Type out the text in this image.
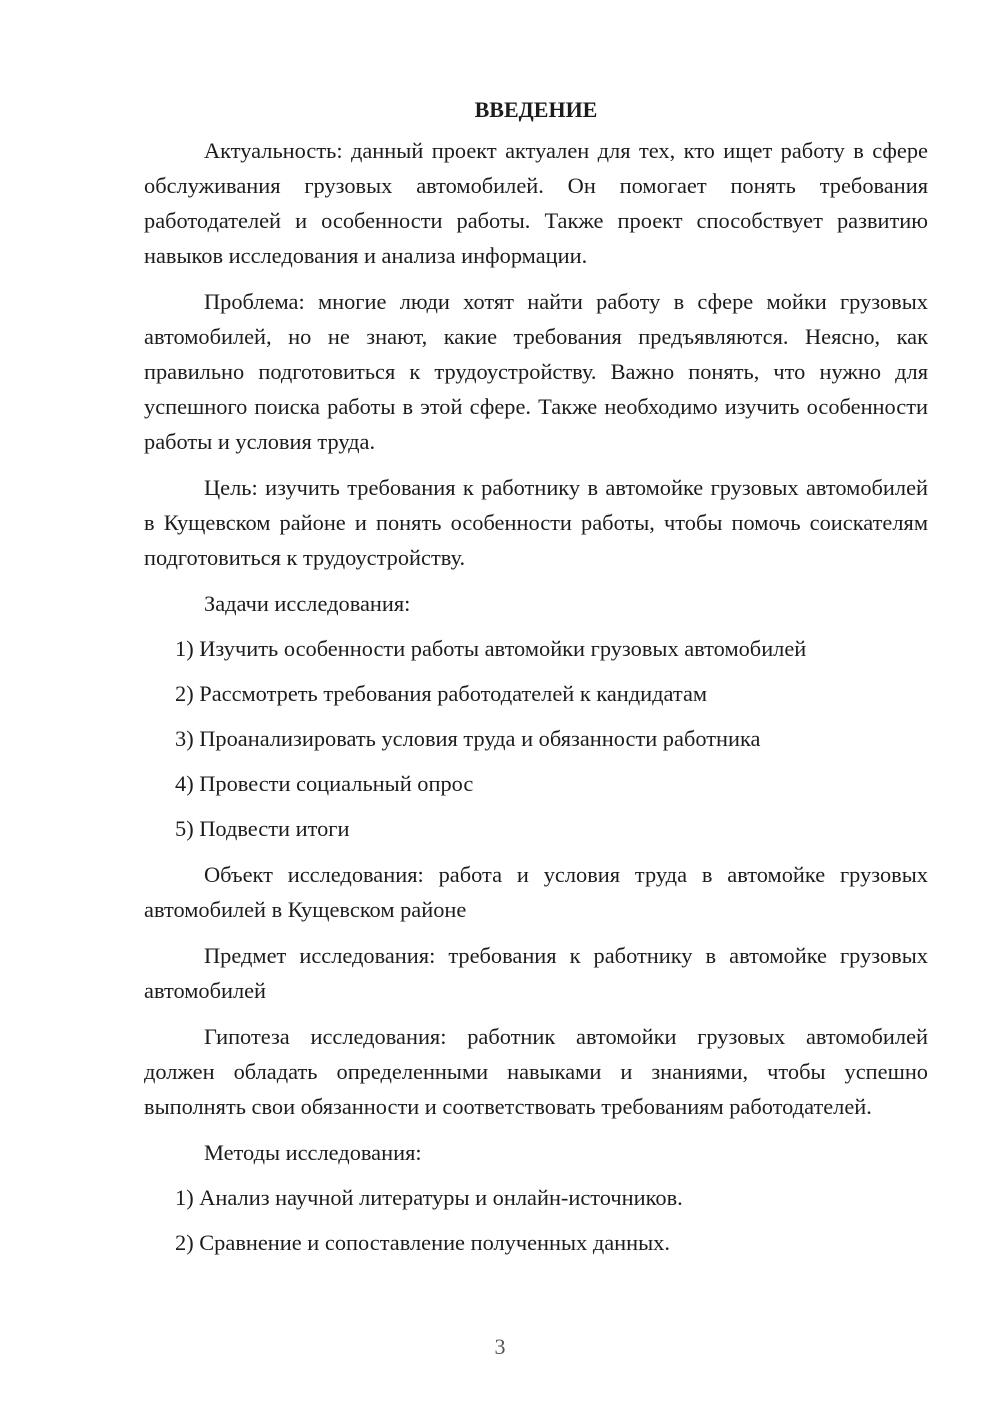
ВВЕДЕНИЕ

Актуальность: данный проект актуален для тех, кто ищет работу в сфере обслуживания грузовых автомобилей. Он помогает понять требования работодателей и особенности работы. Также проект способствует развитию навыков исследования и анализа информации.

Проблема: многие люди хотят найти работу в сфере мойки грузовых автомобилей, но не знают, какие требования предъявляются. Неясно, как правильно подготовиться к трудоустройству. Важно понять, что нужно для успешного поиска работы в этой сфере. Также необходимо изучить особенности работы и условия труда.

Цель: изучить требования к работнику в автомойке грузовых автомобилей в Кущевском районе и понять особенности работы, чтобы помочь соискателям подготовиться к трудоустройству.

Задачи исследования:

1) Изучить особенности работы автомойки грузовых автомобилей
2) Рассмотреть требования работодателей к кандидатам
3) Проанализировать условия труда и обязанности работника
4) Провести социальный опрос
5) Подвести итоги

Объект исследования: работа и условия труда в автомойке грузовых автомобилей в Кущевском районе

Предмет исследования: требования к работнику в автомойке грузовых автомобилей

Гипотеза исследования: работник автомойки грузовых автомобилей должен обладать определенными навыками и знаниями, чтобы успешно выполнять свои обязанности и соответствовать требованиям работодателей.

Методы исследования:

1) Анализ научной литературы и онлайн-источников.
2) Сравнение и сопоставление полученных данных.
3
